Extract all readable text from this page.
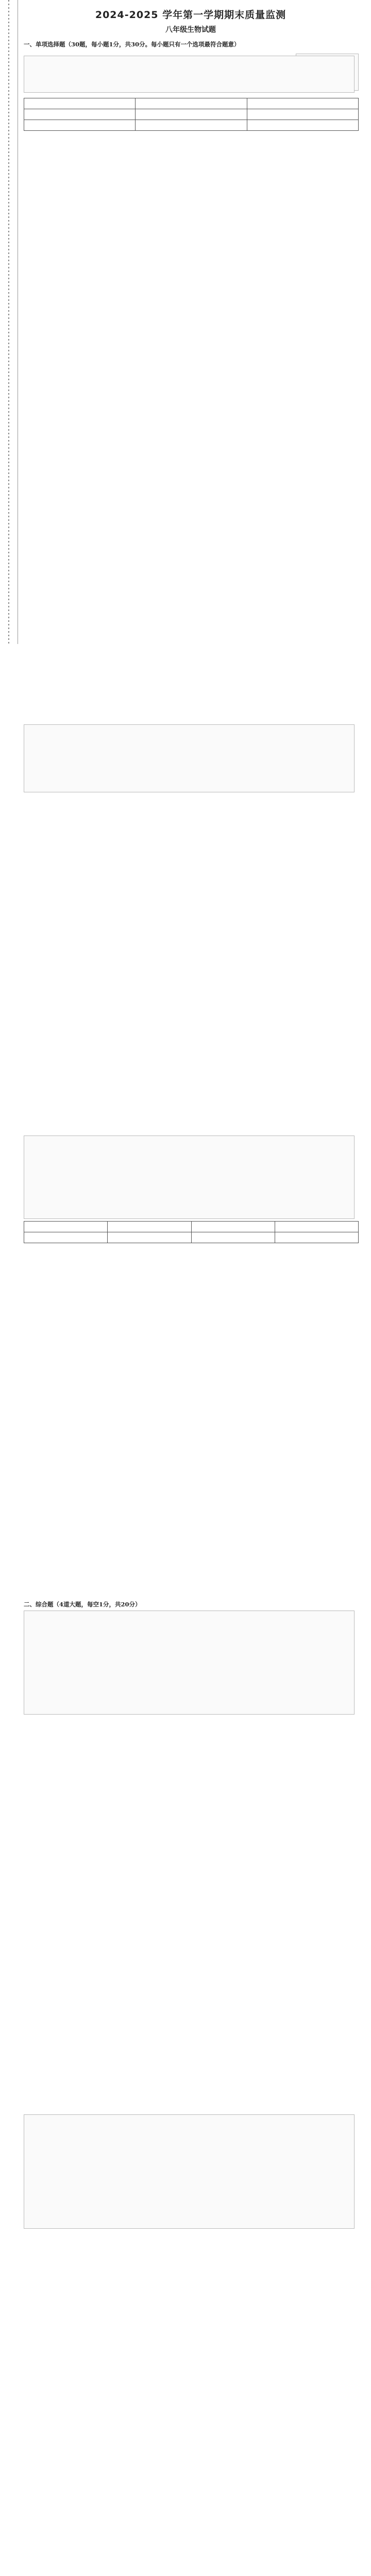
2024-2025 学年第一学期期末质量监测
八年级生物试题
一、单项选择题（30题，每小题1分，共30分。每小题只有一个选项最符合题意）

二、综合题（4道大题，每空1分，共20分）
